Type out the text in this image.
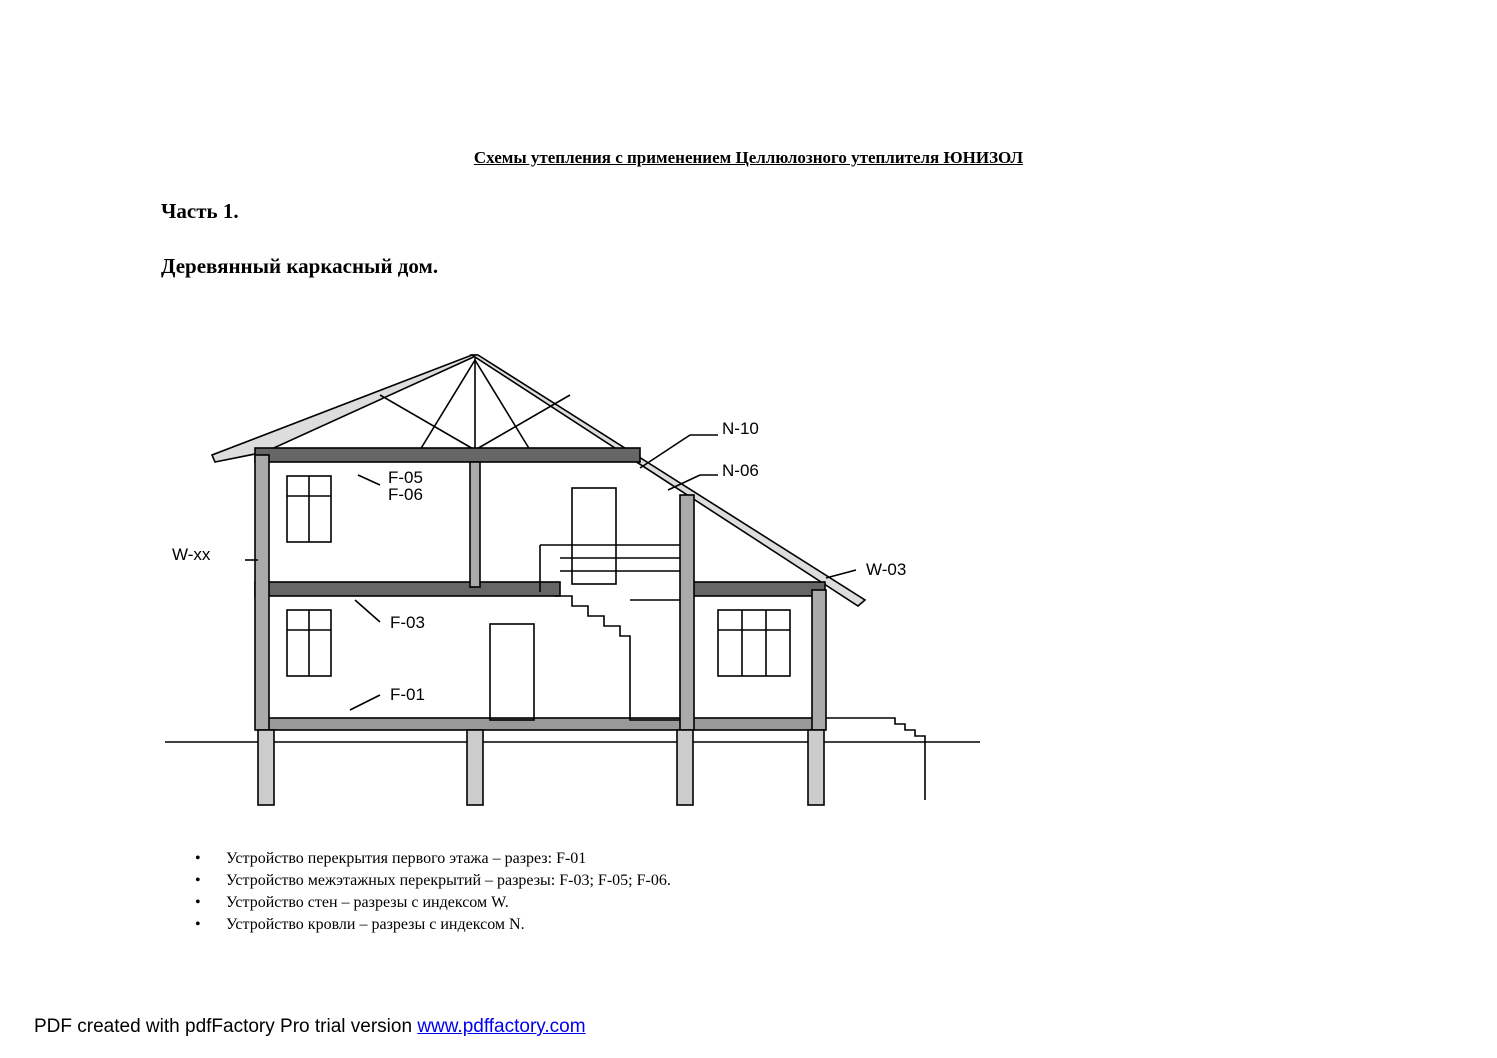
Схемы утепления с применением Целлюлозного утеплителя ЮНИЗОЛ
Часть 1.
Деревянный каркасный дом.
N-10
N-06
F-05
F-06
W-xx
W-03
F-03
F-01
• Устройство перекрытия первого этажа – разрез: F-01
• Устройство межэтажных перекрытий – разрезы: F-03; F-05; F-06.
• Устройство стен – разрезы с индексом W.
• Устройство кровли – разрезы с индексом N.
PDF created with pdfFactory Pro trial version www.pdffactory.com
